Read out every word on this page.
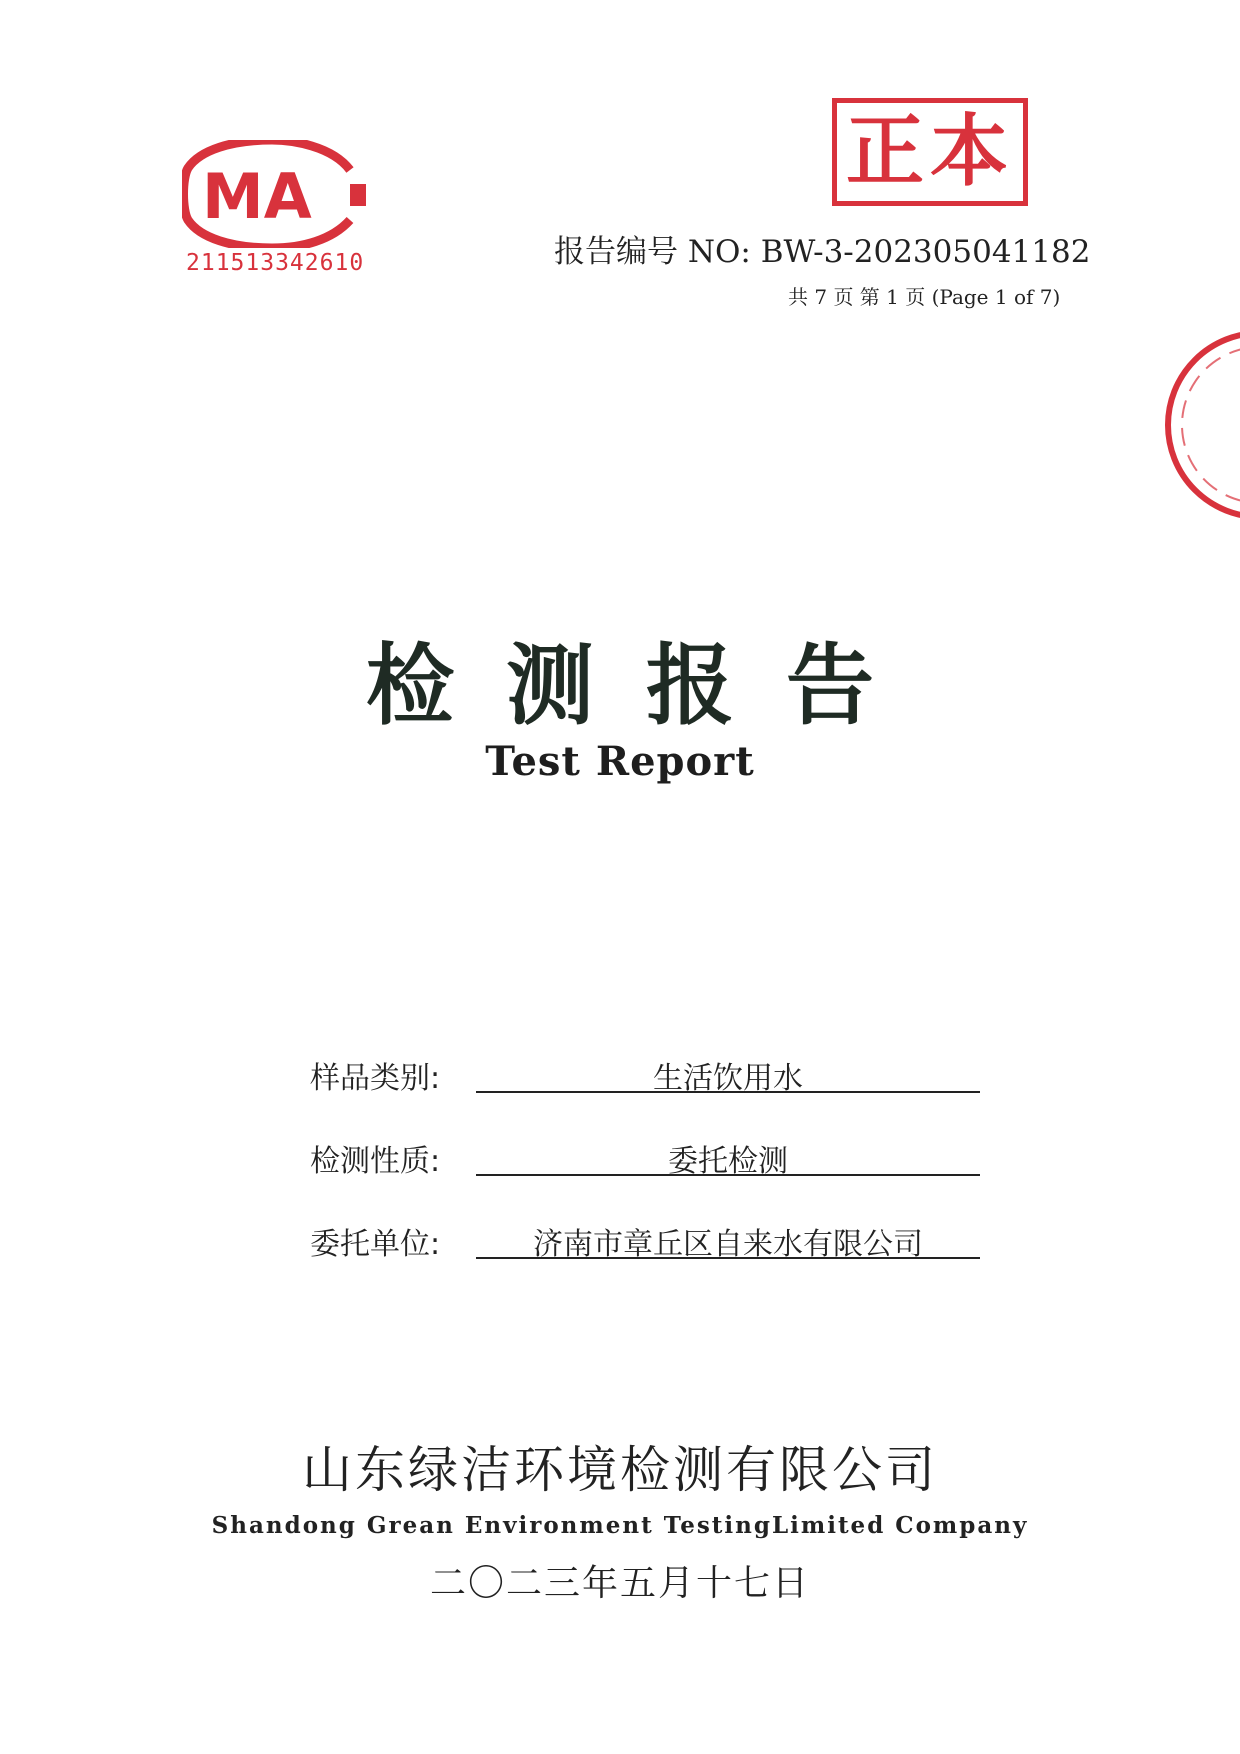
MA
211513342610
正本
报告编号 NO: BW-3-202305041182
共 7 页 第 1 页 (Page 1 of 7)
检测报告
Test Report
样品类别:	生活饮用水
检测性质:	委托检测
委托单位:	济南市章丘区自来水有限公司
山东绿洁环境检测有限公司
Shandong Grean Environment TestingLimited Company
二〇二三年五月十七日
